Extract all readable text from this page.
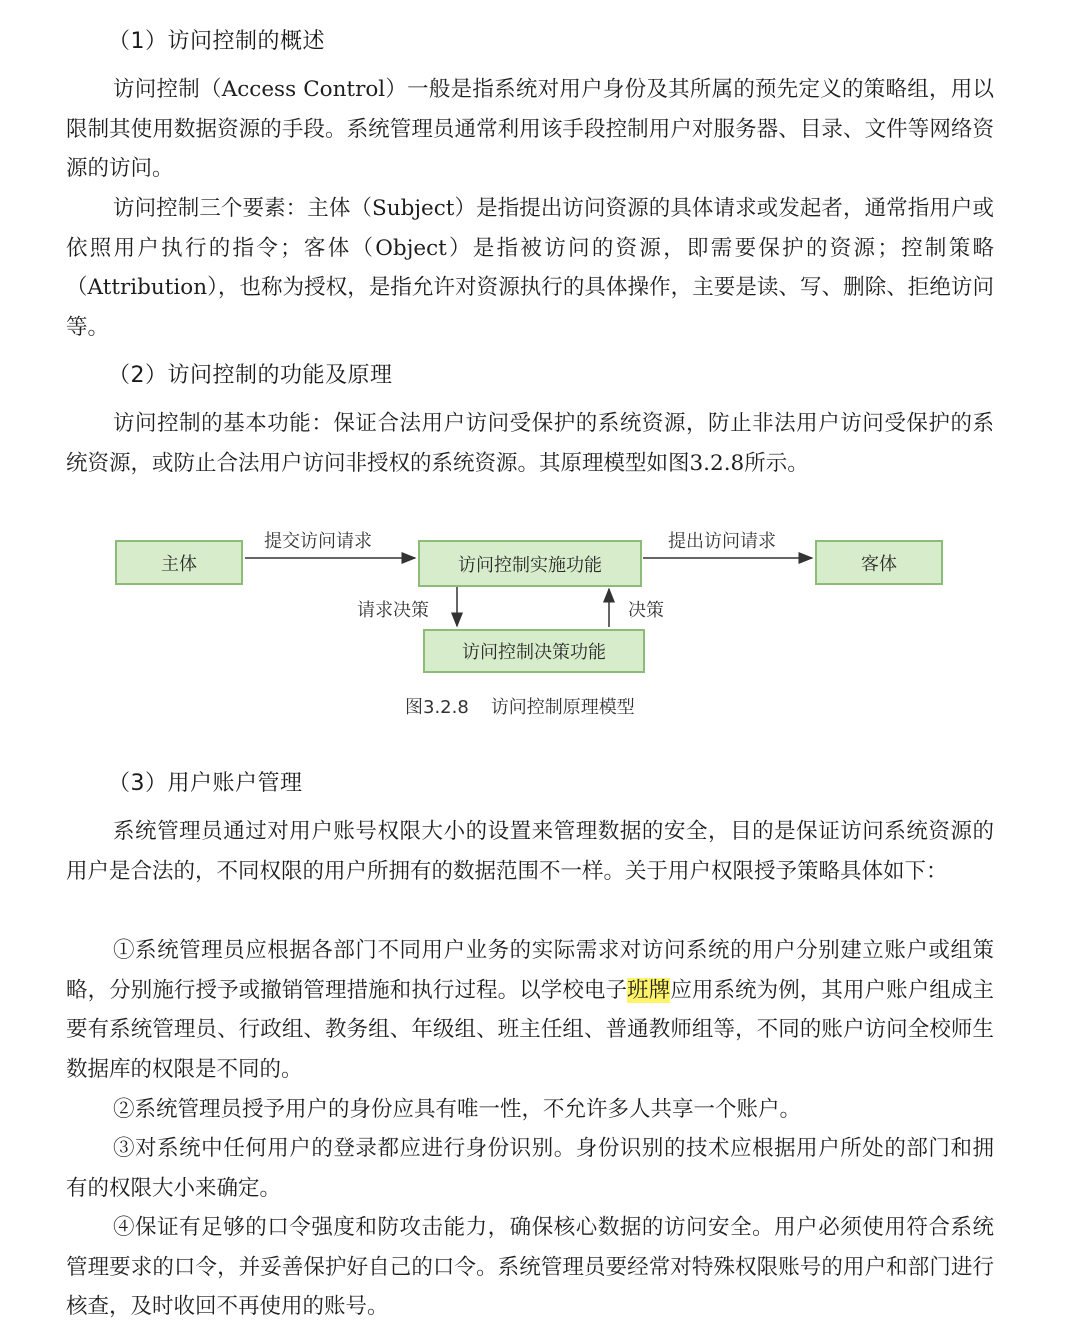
（1）访问控制的概述

访问控制（Access Control）一般是指系统对用户身份及其所属的预先定义的策略组，用以限制其使用数据资源的手段。系统管理员通常利用该手段控制用户对服务器、目录、文件等网络资源的访问。

访问控制三个要素：主体（Subject）是指提出访问资源的具体请求或发起者，通常指用户或依照用户执行的指令；客体（Object）是指被访问的资源，即需要保护的资源；控制策略（Attribution），也称为授权，是指允许对资源执行的具体操作，主要是读、写、删除、拒绝访问等。

（2）访问控制的功能及原理

访问控制的基本功能：保证合法用户访问受保护的系统资源，防止非法用户访问受保护的系统资源，或防止合法用户访问非授权的系统资源。其原理模型如图3.2.8所示。

主体	访问控制实施功能	客体
访问控制决策功能
提交访问请求	提出访问请求
请求决策	决策
图3.2.8 访问控制原理模型
（3）用户账户管理

系统管理员通过对用户账号权限大小的设置来管理数据的安全，目的是保证访问系统资源的用户是合法的，不同权限的用户所拥有的数据范围不一样。关于用户权限授予策略具体如下：

①系统管理员应根据各部门不同用户业务的实际需求对访问系统的用户分别建立账户或组策略，分别施行授予或撤销管理措施和执行过程。以学校电子班牌应用系统为例，其用户账户组成主要有系统管理员、行政组、教务组、年级组、班主任组、普通教师组等，不同的账户访问全校师生数据库的权限是不同的。

②系统管理员授予用户的身份应具有唯一性，不允许多人共享一个账户。

③对系统中任何用户的登录都应进行身份识别。身份识别的技术应根据用户所处的部门和拥有的权限大小来确定。

④保证有足够的口令强度和防攻击能力，确保核心数据的访问安全。用户必须使用符合系统管理要求的口令，并妥善保护好自己的口令。系统管理员要经常对特殊权限账号的用户和部门进行核查，及时收回不再使用的账号。
